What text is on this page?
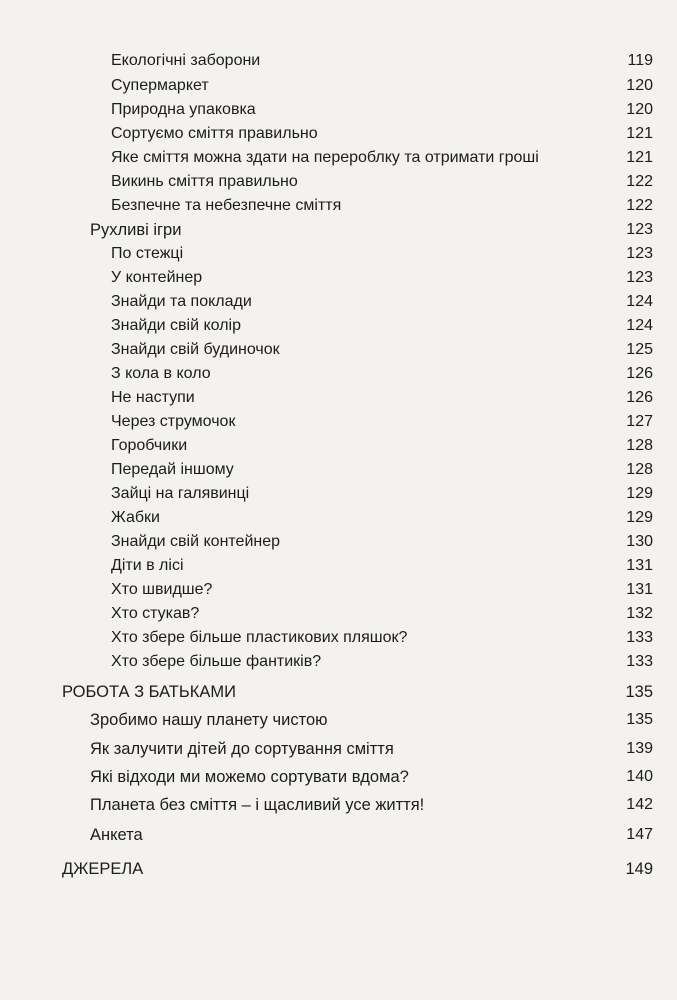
Екологічні заборони	119
Супермаркет	120
Природна упаковка	120
Сортуємо сміття правильно	121
Яке сміття можна здати на перероблку та отримати гроші	121
Викинь сміття правильно	122
Безпечне та небезпечне сміття	122
Рухливі ігри	123
По стежці	123
У контейнер	123
Знайди та поклади	124
Знайди свій колір	124
Знайди свій будиночок	125
З кола в коло	126
Не наступи	126
Через струмочок	127
Горобчики	128
Передай іншому	128
Зайці на галявинці	129
Жабки	129
Знайди свій контейнер	130
Діти в лісі	131
Хто швидше?	131
Хто стукав?	132
Хто збере більше пластикових пляшок?	133
Хто збере більше фантиків?	133
РОБОТА З БАТЬКАМИ	135
Зробимо нашу планету чистою	135
Як залучити дітей до сортування сміття	139
Які відходи ми можемо сортувати вдома?	140
Планета без сміття – і щасливий усе життя!	142
Анкета	147
ДЖЕРЕЛА	149
